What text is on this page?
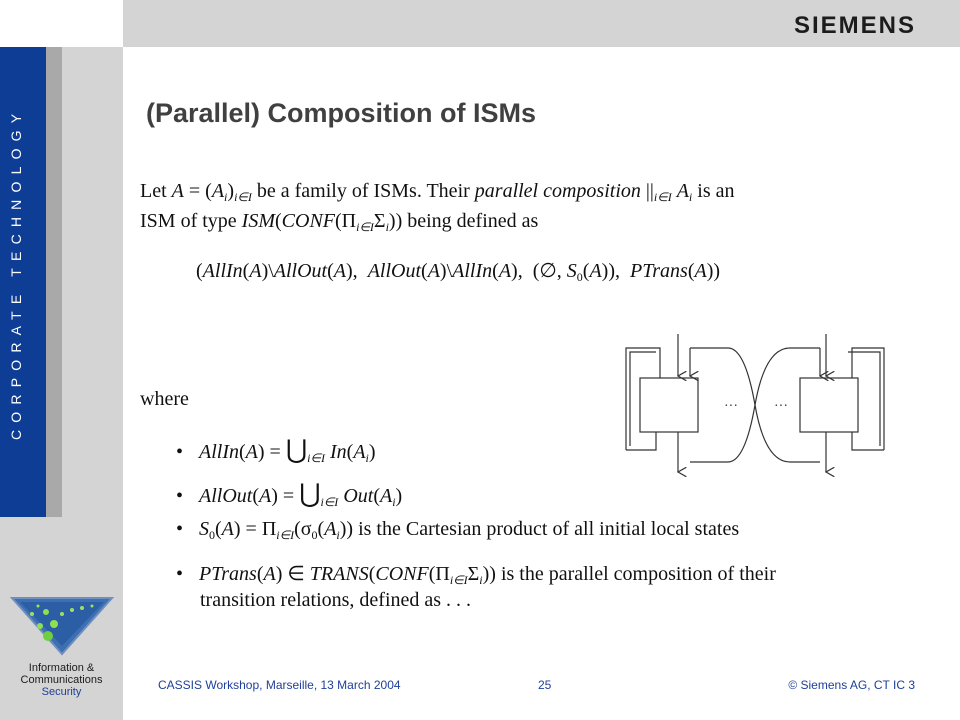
SIEMENS
CORPORATE TECHNOLOGY
Information &
Communications
Security
(Parallel) Composition of ISMs
Let $A = (A_i)_{i\in I}$ be a family of ISMs. Their parallel composition $||_{i\in I}$ $A_i$ is an
ISM of type $ISM(CONF(\Pi_{i\in I}\Sigma_i))$ being defined as
(AllIn(A)\AllOut(A),  AllOut(A)\AllIn(A),  (∅, $S_0(A)$),  PTrans(A))
where
• AllIn(A) = $⋃_{i\in I}$ $In(A_i)$
• AllOut(A) = $⋃_{i\in I}$ $Out(A_i)$
• $S_0(A) = \Pi_{i\in I}(\sigma_0(A_i))$ is the Cartesian product of all initial local states
• PTrans(A) ∈ $TRANS(CONF(\Pi_{i\in I}\Sigma_i))$ is the parallel composition of their
transition relations, defined as . . .
···	···
CASSIS Workshop, Marseille, 13 March 2004	25	© Siemens AG, CT IC 3
